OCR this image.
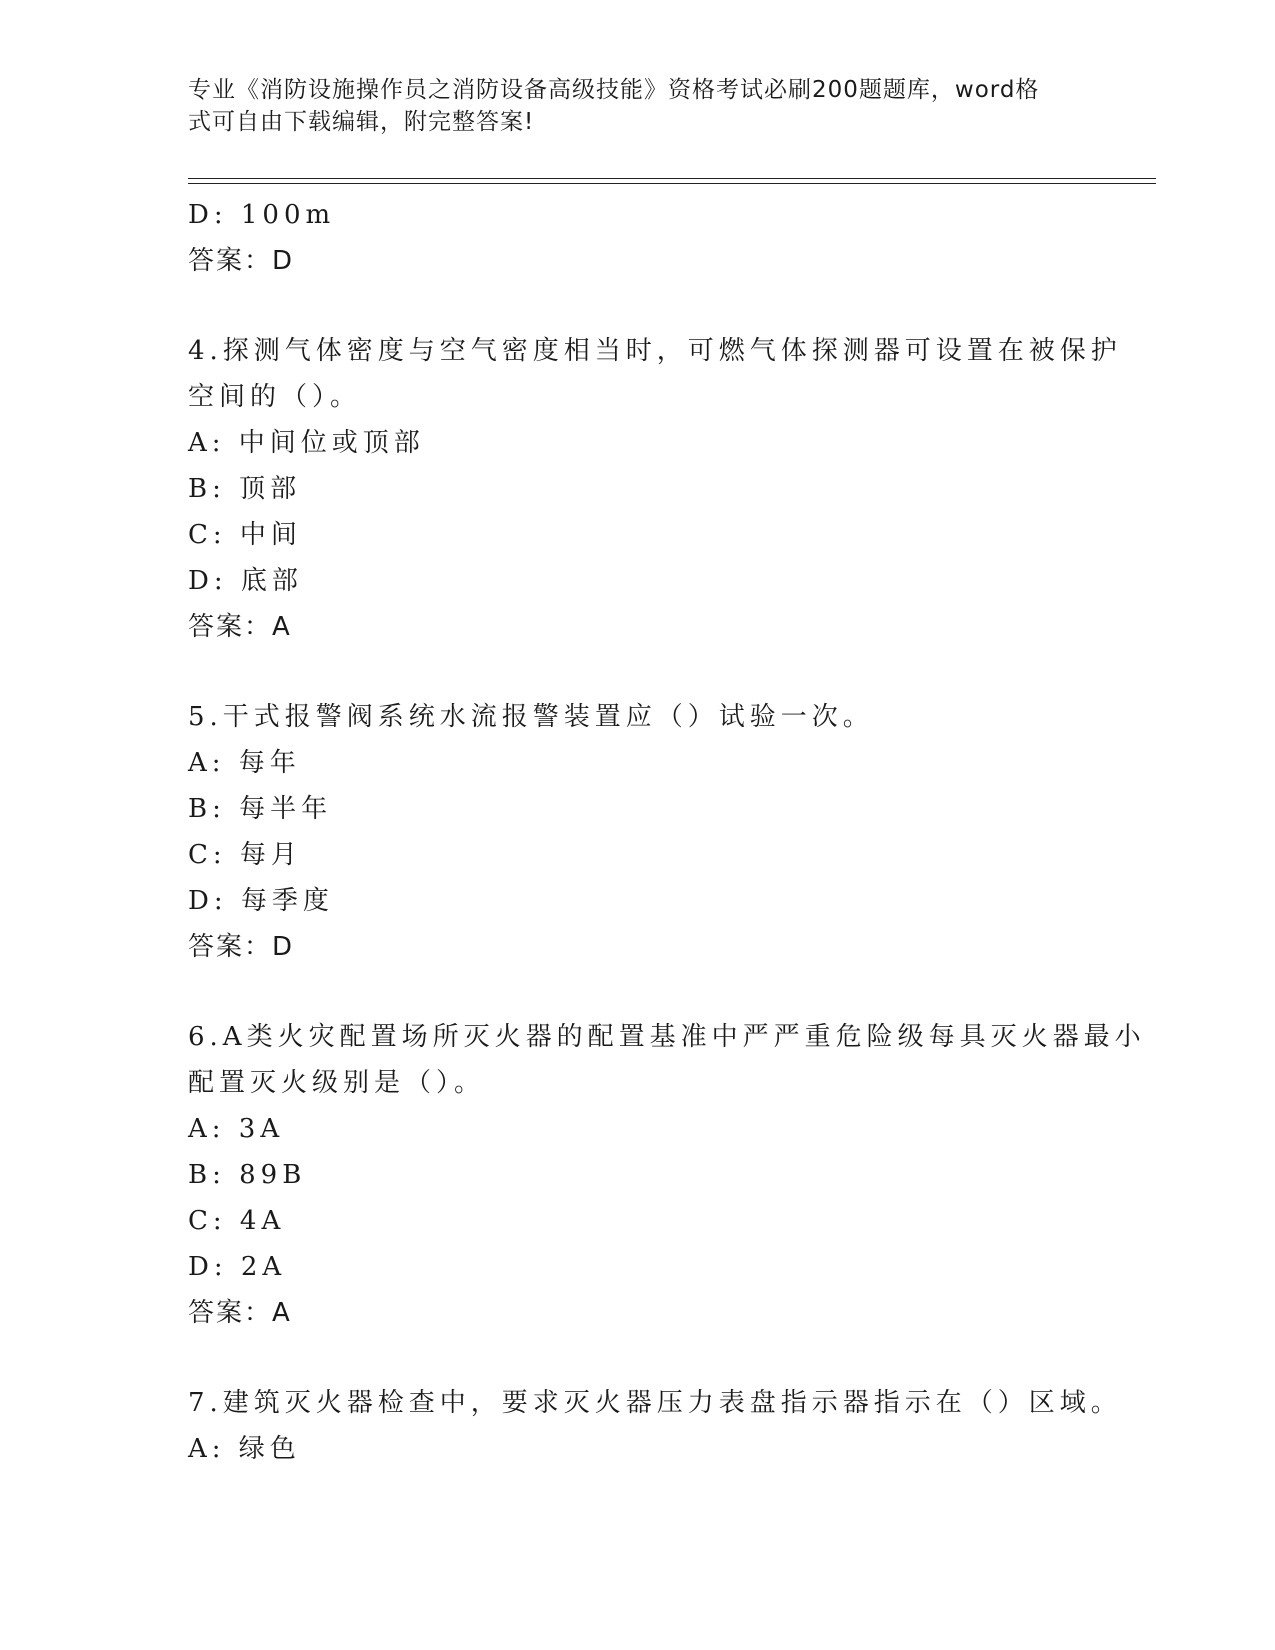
专业《消防设施操作员之消防设备高级技能》资格考试必刷200题题库，word格
式可自由下载编辑，附完整答案!
D: 100m
答案：D
4.探测气体密度与空气密度相当时，可燃气体探测器可设置在被保护
空间的（）。
A: 中间位或顶部
B: 顶部
C: 中间
D: 底部
答案：A
5.干式报警阀系统水流报警装置应（）试验一次。
A: 每年
B: 每半年
C: 每月
D: 每季度
答案：D
6.A类火灾配置场所灭火器的配置基准中严严重危险级每具灭火器最小
配置灭火级别是（）。
A: 3A
B: 89B
C: 4A
D: 2A
答案：A
7.建筑灭火器检查中，要求灭火器压力表盘指示器指示在（）区域。
A: 绿色
